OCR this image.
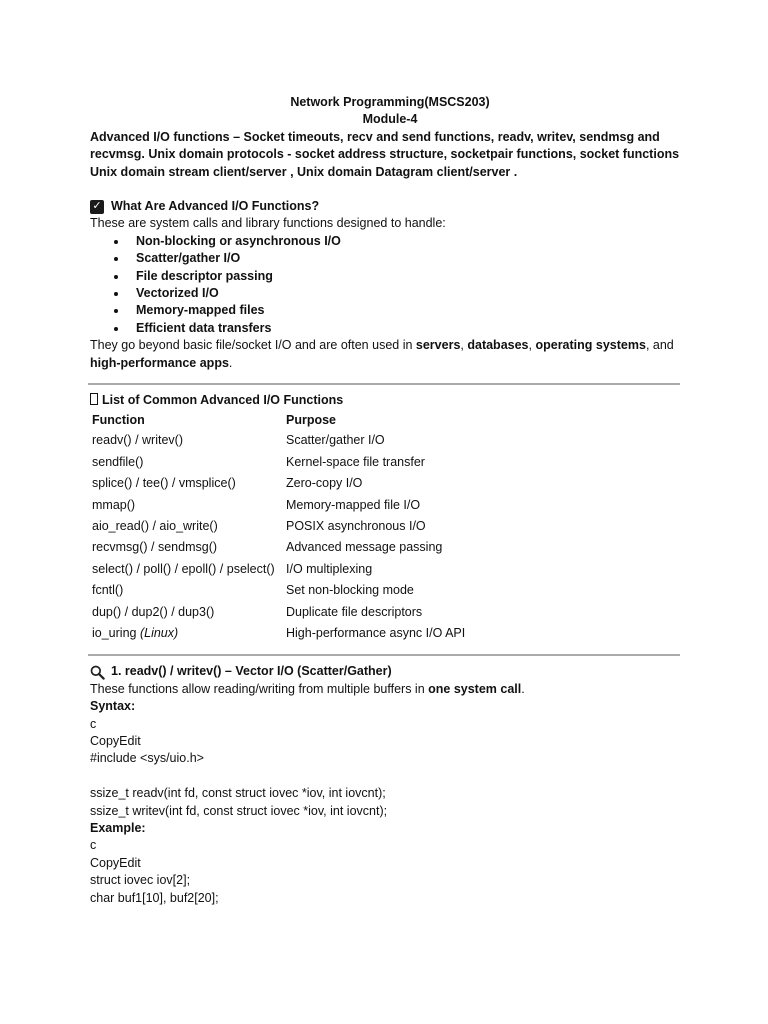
Network Programming(MSCS203)
Module-4
Advanced I/O functions – Socket timeouts, recv and send functions, readv, writev, sendmsg and recvmsg. Unix domain protocols - socket address structure, socketpair functions, socket functions Unix domain stream client/server , Unix domain Datagram client/server .
✓ What Are Advanced I/O Functions?
These are system calls and library functions designed to handle:
Non-blocking or asynchronous I/O
Scatter/gather I/O
File descriptor passing
Vectorized I/O
Memory-mapped files
Efficient data transfers
They go beyond basic file/socket I/O and are often used in servers, databases, operating systems, and high-performance apps.
List of Common Advanced I/O Functions
Function	Purpose
readv() / writev()	Scatter/gather I/O
sendfile()	Kernel-space file transfer
splice() / tee() / vmsplice()	Zero-copy I/O
mmap()	Memory-mapped file I/O
aio_read() / aio_write()	POSIX asynchronous I/O
recvmsg() / sendmsg()	Advanced message passing
select() / poll() / epoll() / pselect()	I/O multiplexing
fcntl()	Set non-blocking mode
dup() / dup2() / dup3()	Duplicate file descriptors
io_uring (Linux)	High-performance async I/O API
1. readv() / writev() – Vector I/O (Scatter/Gather)
These functions allow reading/writing from multiple buffers in one system call.
Syntax:
c
CopyEdit
#include <sys/uio.h>
ssize_t readv(int fd, const struct iovec *iov, int iovcnt);
ssize_t writev(int fd, const struct iovec *iov, int iovcnt);
Example:
c
CopyEdit
struct iovec iov[2];
char buf1[10], buf2[20];
